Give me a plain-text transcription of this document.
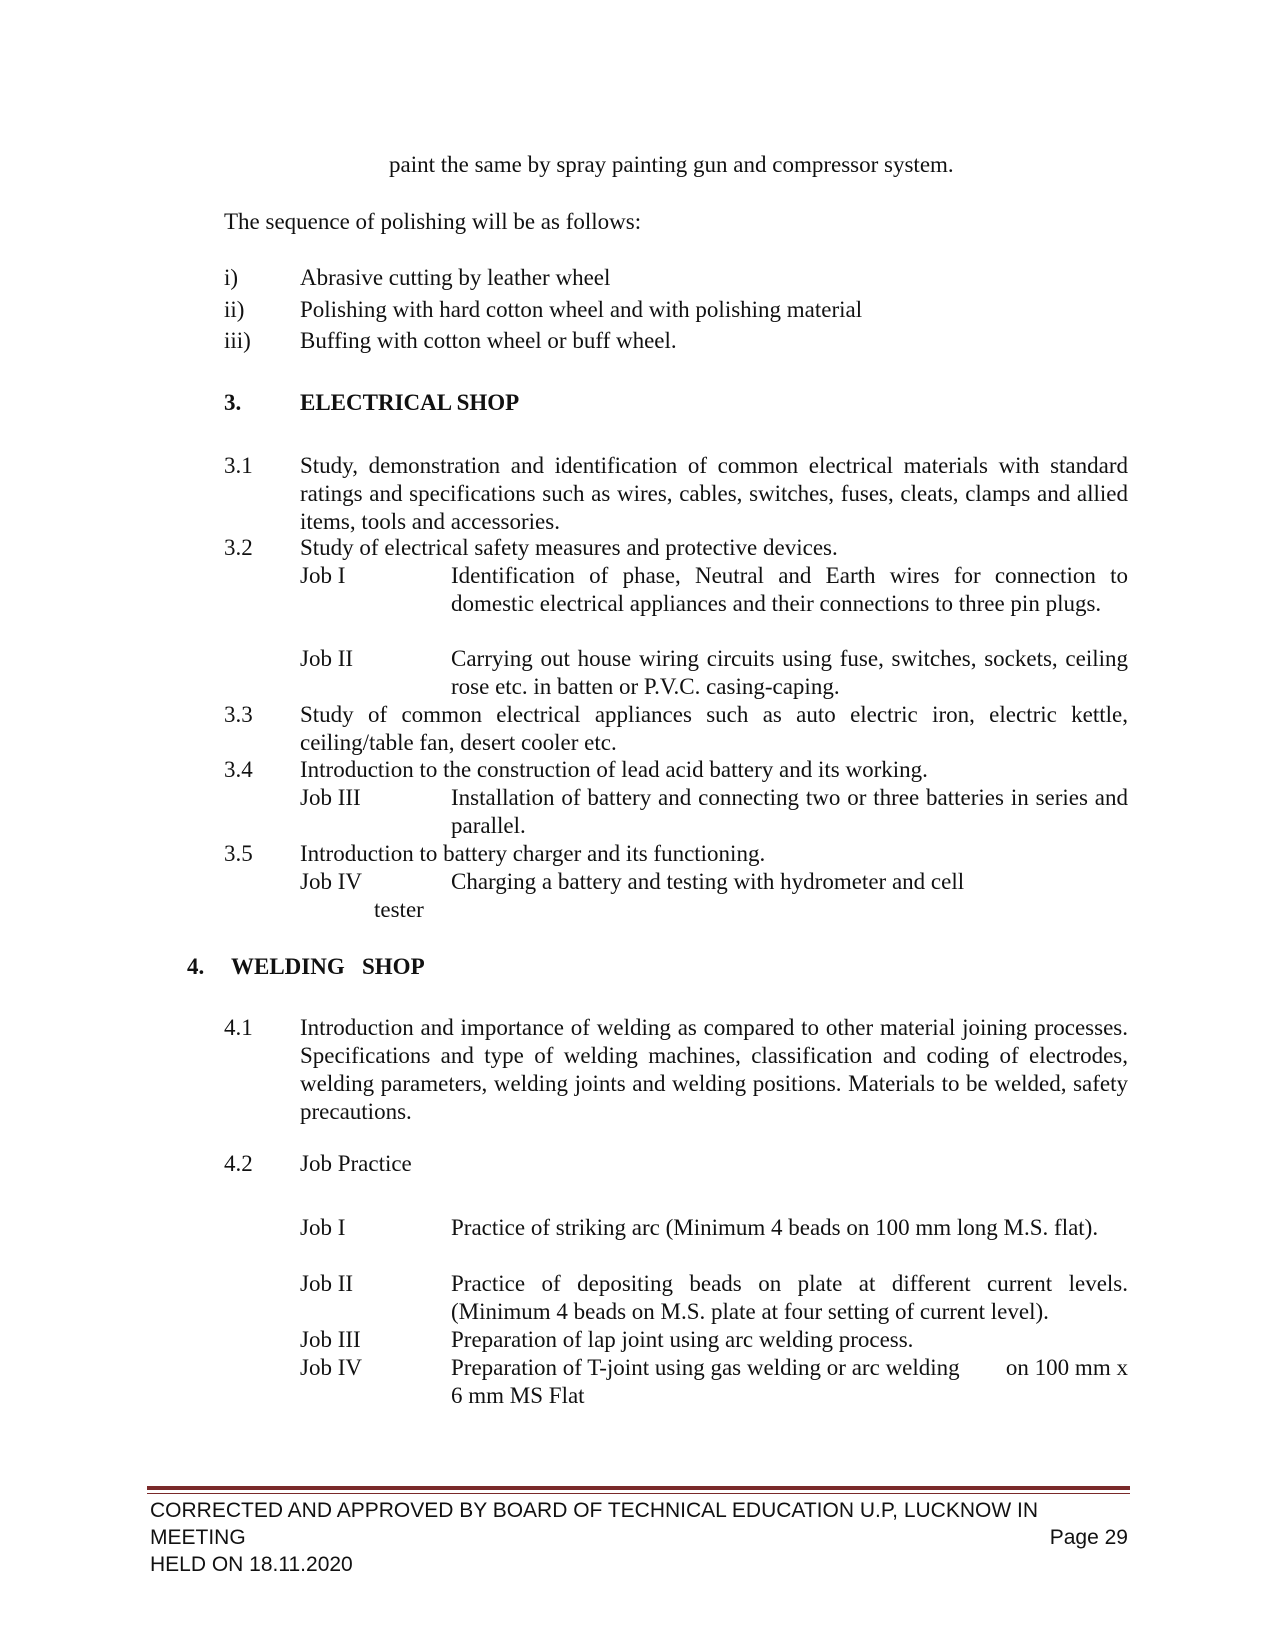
paint the same by spray painting gun and compressor system.

The sequence of polishing will be as follows:

i)	Abrasive cutting by leather wheel
ii) Polishing with hard cotton wheel and with polishing material
iii) Buffing with cotton wheel or buff wheel.
3.	ELECTRICAL SHOP
3.1 Study, demonstration and identification of common electrical materials with standard ratings and specifications such as wires, cables, switches, fuses, cleats, clamps and allied items, tools and accessories.

3.2 Study of electrical safety measures and protective devices.

Job I	Identification of phase, Neutral and Earth wires for connection to domestic electrical appliances and their connections to three pin plugs.

Job II	Carrying out house wiring circuits using fuse, switches, sockets, ceiling rose etc. in batten or P.V.C. casing-caping.

3.3 Study of common electrical appliances such as auto electric iron, electric kettle, ceiling/table fan, desert cooler etc.

3.4 Introduction to the construction of lead acid battery and its working.

Job III	Installation of battery and connecting two or three batteries in series and parallel.

3.5 Introduction to battery charger and its functioning.

Job IV	Charging a battery and testing with hydrometer and cell

tester
4. WELDING   SHOP
4.1 Introduction and importance of welding as compared to other material joining processes. Specifications and type of welding machines, classification and coding of electrodes, welding parameters, welding joints and welding positions. Materials to be welded, safety precautions.

4.2 Job Practice

Job I	Practice of striking arc (Minimum 4 beads on 100 mm long M.S. flat).

Job II	Practice of depositing beads on plate at different current levels. (Minimum 4 beads on M.S. plate at four setting of current level).

Job III	Preparation of lap joint using arc welding process.

Job IV	Preparation of T-joint using gas welding or arc welding        on 100 mm x 6 mm MS Flat

CORRECTED AND APPROVED BY BOARD OF TECHNICAL EDUCATION U.P, LUCKNOW IN MEETING
HELD ON 18.11.2020
Page 29
